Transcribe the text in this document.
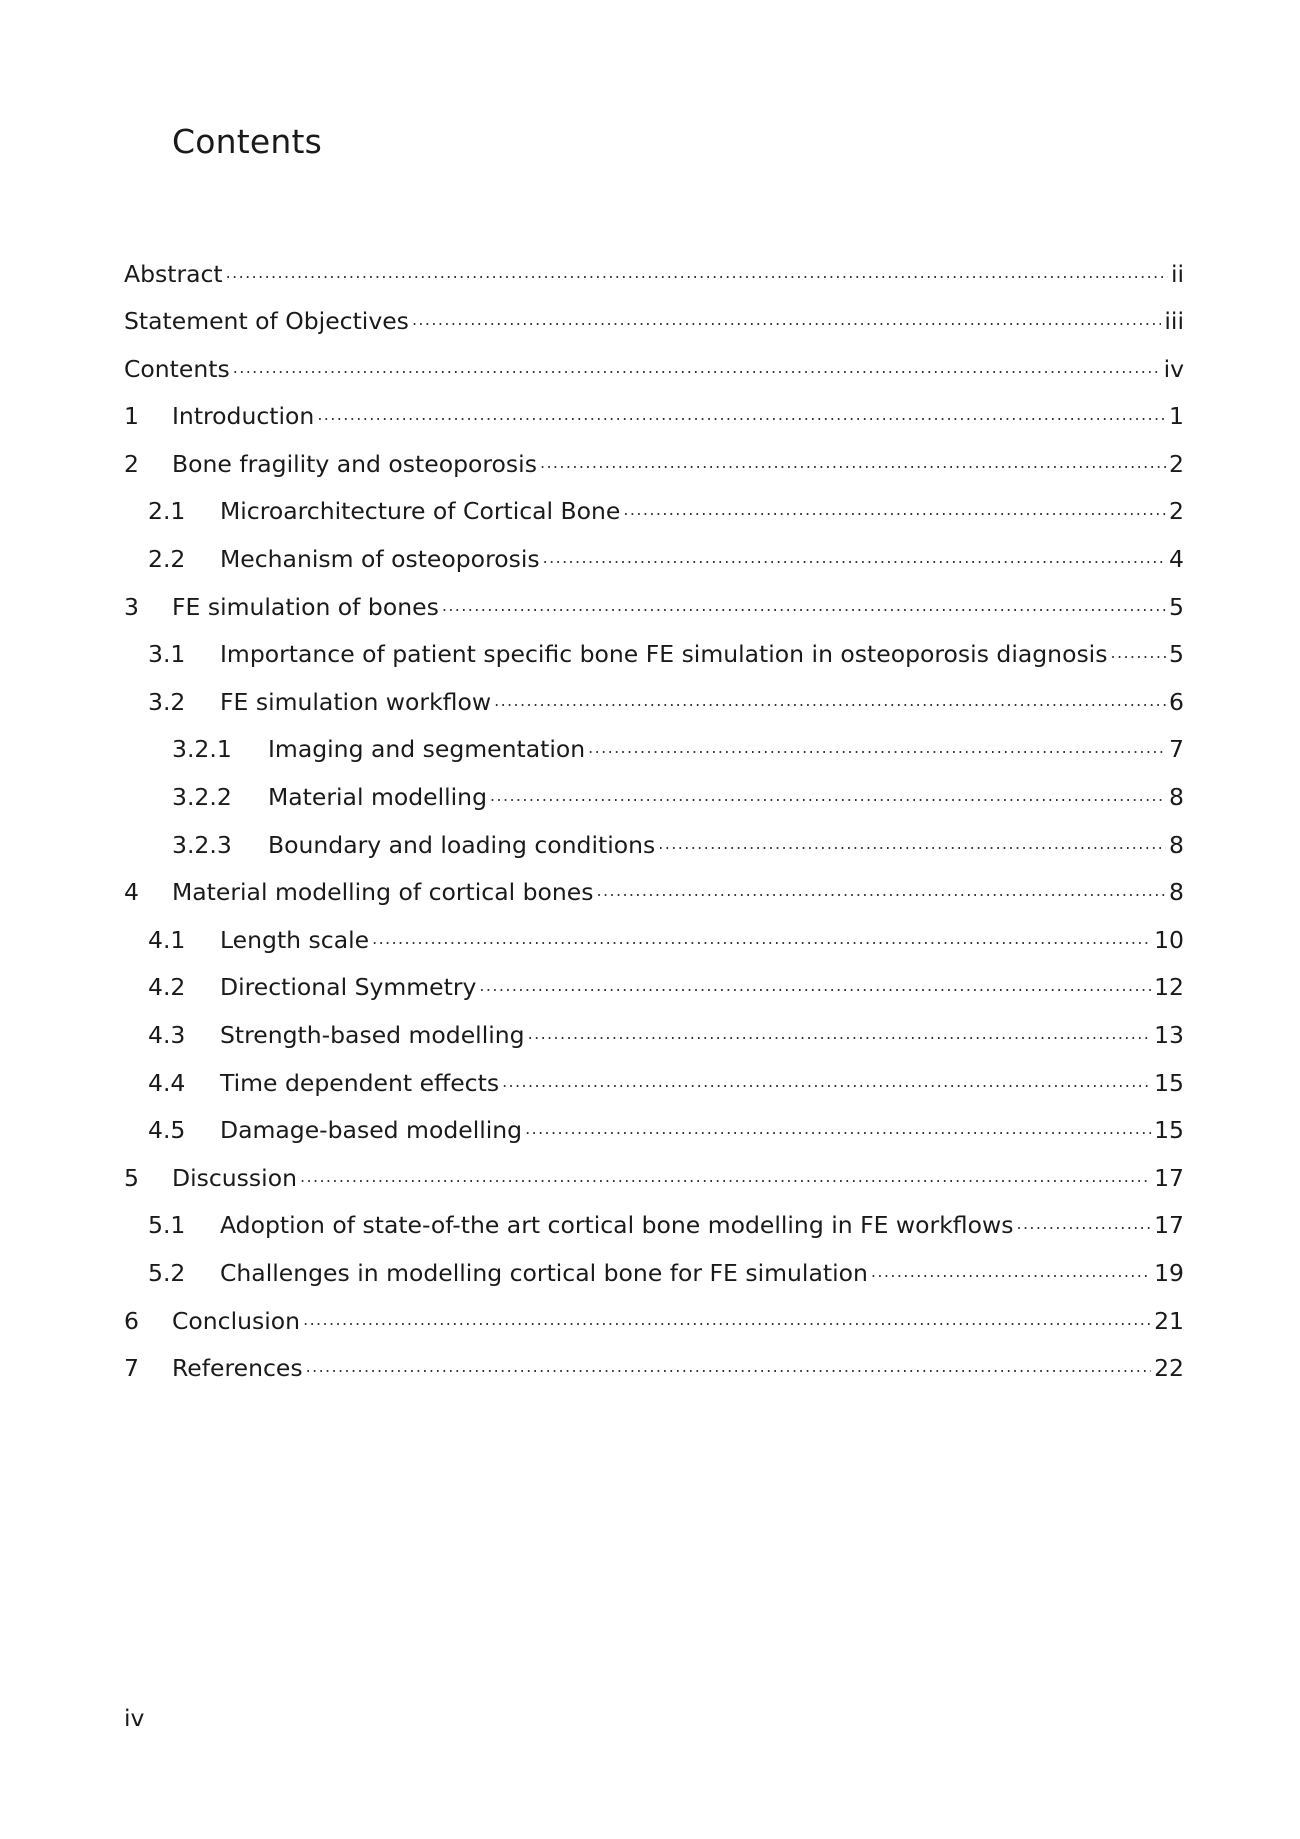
Contents
Abstract .....	ii
Statement of Objectives .....	iii
Contents .....	iv
1	Introduction .....	1
2	Bone fragility and osteoporosis .....	2
2.1	Microarchitecture of Cortical Bone .....	2
2.2	Mechanism of osteoporosis .....	4
3	FE simulation of bones .....	5
3.1	Importance of patient specific bone FE simulation in osteoporosis diagnosis .....	5
3.2	FE simulation workflow .....	6
3.2.1	Imaging and segmentation .....	7
3.2.2	Material modelling .....	8
3.2.3	Boundary and loading conditions .....	8
4	Material modelling of cortical bones .....	8
4.1	Length scale .....	10
4.2	Directional Symmetry .....	12
4.3	Strength-based modelling .....	13
4.4	Time dependent effects .....	15
4.5	Damage-based modelling .....	15
5	Discussion .....	17
5.1	Adoption of state-of-the art cortical bone modelling in FE workflows .....	17
5.2	Challenges in modelling cortical bone for FE simulation .....	19
6	Conclusion .....	21
7	References .....	22
iv
